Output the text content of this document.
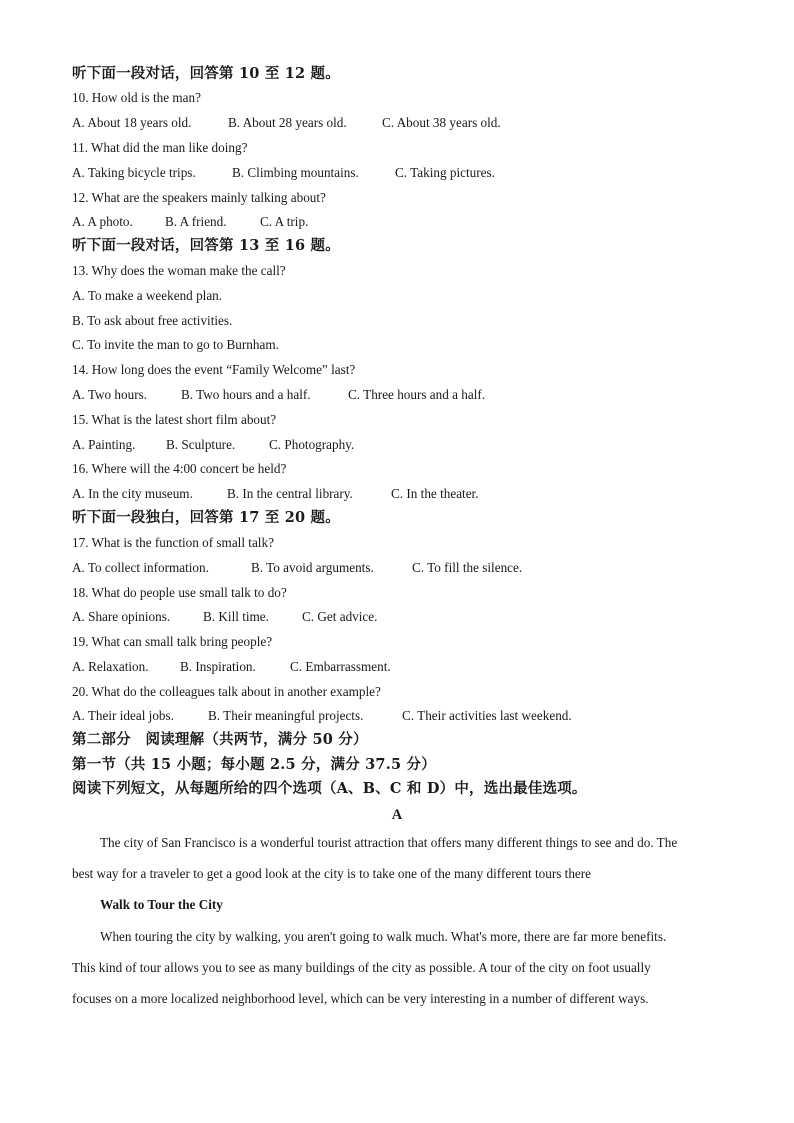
听下面一段对话，回答第 10 至 12 题。
10. How old is the man?
A. About 18 years old.	B. About 28 years old.	C. About 38 years old.
11. What did the man like doing?
A. Taking bicycle trips.	B. Climbing mountains.	C. Taking pictures.
12. What are the speakers mainly talking about?
A. A photo. B. A friend.	C. A trip.
听下面一段对话，回答第 13 至 16 题。
13. Why does the woman make the call?
A. To make a weekend plan.
B. To ask about free activities.
C. To invite the man to go to Burnham.
14. How long does the event “Family Welcome” last?
A. Two hours.	B. Two hours and a half.	C. Three hours and a half.
15. What is the latest short film about?
A. Painting. B. Sculpture.	C. Photography.
16. Where will the 4:00 concert be held?
A. In the city museum.	B. In the central library.	C. In the theater.
听下面一段独白，回答第 17 至 20 题。
17. What is the function of small talk?
A. To collect information.	B. To avoid arguments.	C. To fill the silence.
18. What do people use small talk to do?
A. Share opinions. B. Kill time.	C. Get advice.
19. What can small talk bring people?
A. Relaxation. B. Inspiration.	C. Embarrassment.
20. What do the colleagues talk about in another example?
A. Their ideal jobs.	B. Their meaningful projects.	C. Their activities last weekend.
第二部分　阅读理解（共两节，满分 50 分）
第一节（共 15 小题；每小题 2.5 分，满分 37.5 分）
阅读下列短文，从每题所给的四个选项（A、B、C 和 D）中，选出最佳选项。
A
The city of San Francisco is a wonderful tourist attraction that offers many different things to see and do. The
best way for a traveler to get a good look at the city is to take one of the many different tours there
Walk to Tour the City
When touring the city by walking, you aren't going to walk much. What's more, there are far more benefits.
This kind of tour allows you to see as many buildings of the city as possible. A tour of the city on foot usually
focuses on a more localized neighborhood level, which can be very interesting in a number of different ways.
